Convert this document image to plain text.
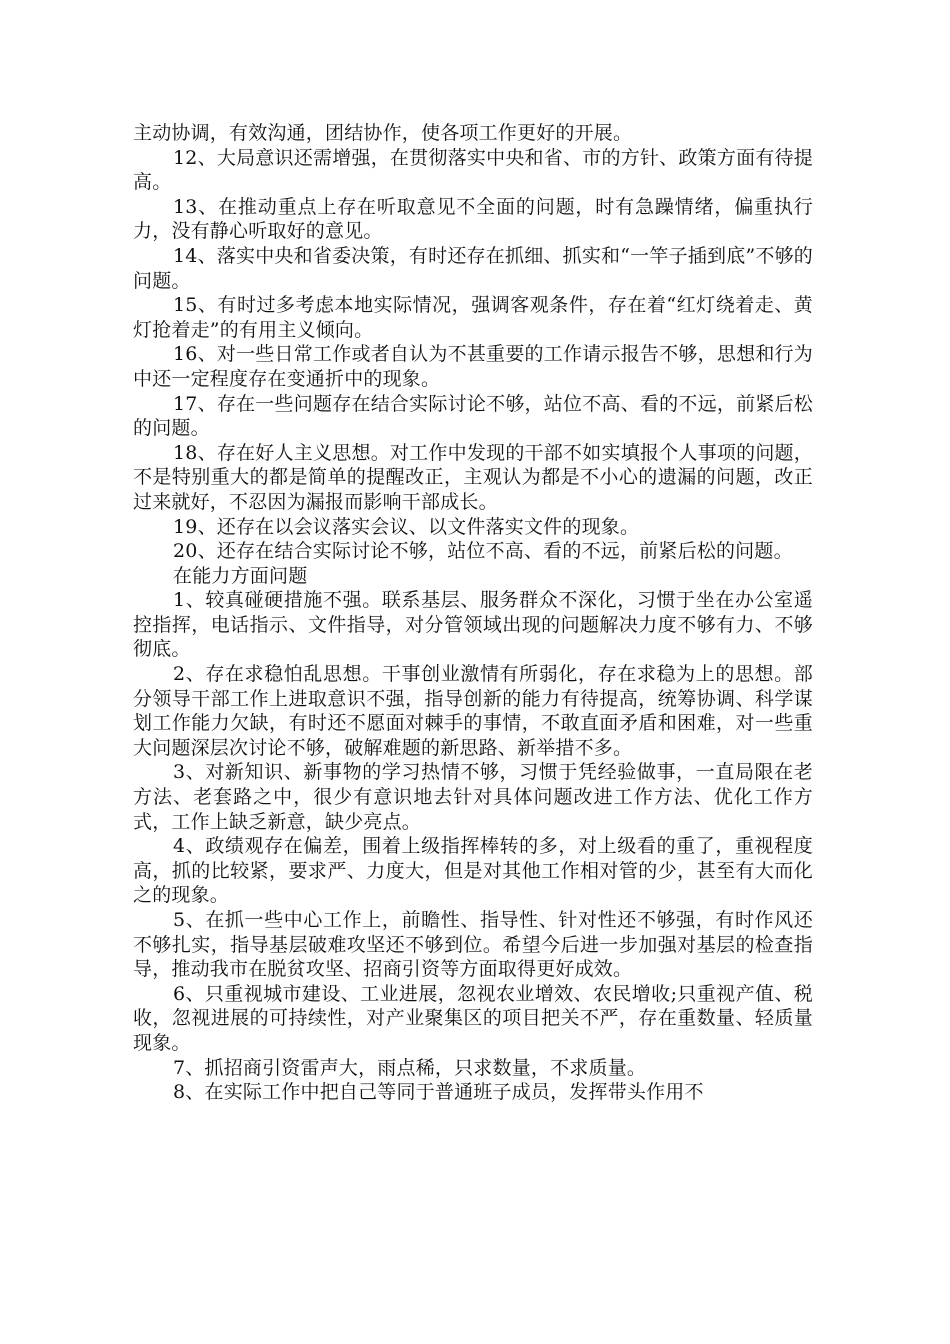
主动协调，有效沟通，团结协作，使各项工作更好的开展。

12、大局意识还需增强，在贯彻落实中央和省、市的方针、政策方面有待提高。

13、在推动重点上存在听取意见不全面的问题，时有急躁情绪，偏重执行力，没有静心听取好的意见。

14、落实中央和省委决策，有时还存在抓细、抓实和“一竿子插到底”不够的问题。

15、有时过多考虑本地实际情况，强调客观条件，存在着“红灯绕着走、黄灯抢着走”的有用主义倾向。

16、对一些日常工作或者自认为不甚重要的工作请示报告不够，思想和行为中还一定程度存在变通折中的现象。

17、存在一些问题存在结合实际讨论不够，站位不高、看的不远，前紧后松的问题。

18、存在好人主义思想。对工作中发现的干部不如实填报个人事项的问题，不是特别重大的都是简单的提醒改正，主观认为都是不小心的遗漏的问题，改正过来就好，不忍因为漏报而影响干部成长。

19、还存在以会议落实会议、以文件落实文件的现象。

20、还存在结合实际讨论不够，站位不高、看的不远，前紧后松的问题。

在能力方面问题

1、较真碰硬措施不强。联系基层、服务群众不深化，习惯于坐在办公室遥控指挥，电话指示、文件指导，对分管领域出现的问题解决力度不够有力、不够彻底。

2、存在求稳怕乱思想。干事创业激情有所弱化，存在求稳为上的思想。部分领导干部工作上进取意识不强，指导创新的能力有待提高，统筹协调、科学谋划工作能力欠缺，有时还不愿面对棘手的事情，不敢直面矛盾和困难，对一些重大问题深层次讨论不够，破解难题的新思路、新举措不多。

3、对新知识、新事物的学习热情不够，习惯于凭经验做事，一直局限在老方法、老套路之中，很少有意识地去针对具体问题改进工作方法、优化工作方式，工作上缺乏新意，缺少亮点。

4、政绩观存在偏差，围着上级指挥棒转的多，对上级看的重了，重视程度高，抓的比较紧，要求严、力度大，但是对其他工作相对管的少，甚至有大而化之的现象。

5、在抓一些中心工作上，前瞻性、指导性、针对性还不够强，有时作风还不够扎实，指导基层破难攻坚还不够到位。希望今后进一步加强对基层的检查指导，推动我市在脱贫攻坚、招商引资等方面取得更好成效。

6、只重视城市建设、工业进展，忽视农业增效、农民增收;只重视产值、税收，忽视进展的可持续性，对产业聚集区的项目把关不严，存在重数量、轻质量现象。

7、抓招商引资雷声大，雨点稀，只求数量，不求质量。

8、在实际工作中把自己等同于普通班子成员，发挥带头作用不
